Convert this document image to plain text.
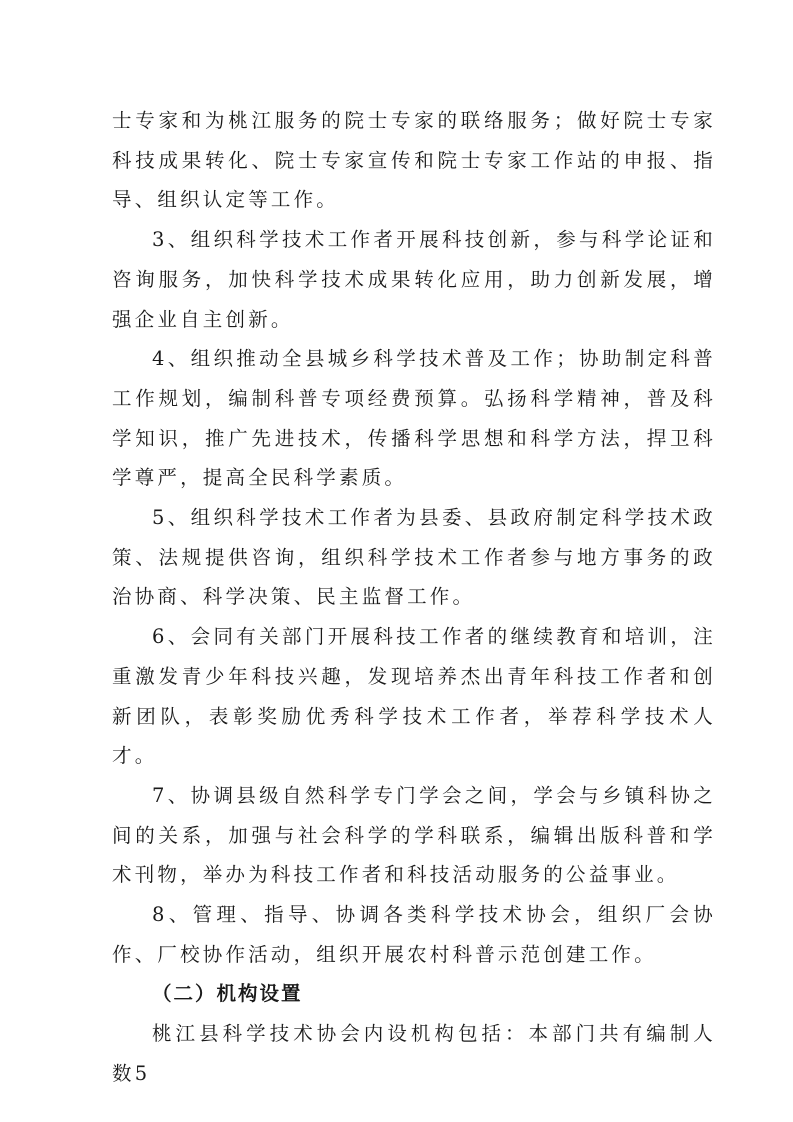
士专家和为桃江服务的院士专家的联络服务；做好院士专家科技成果转化、院士专家宣传和院士专家工作站的申报、指导、组织认定等工作。

3、组织科学技术工作者开展科技创新，参与科学论证和咨询服务，加快科学技术成果转化应用，助力创新发展，增强企业自主创新。

4、组织推动全县城乡科学技术普及工作；协助制定科普工作规划，编制科普专项经费预算。弘扬科学精神，普及科学知识，推广先进技术，传播科学思想和科学方法，捍卫科学尊严，提高全民科学素质。

5、组织科学技术工作者为县委、县政府制定科学技术政策、法规提供咨询，组织科学技术工作者参与地方事务的政治协商、科学决策、民主监督工作。

6、会同有关部门开展科技工作者的继续教育和培训，注重激发青少年科技兴趣，发现培养杰出青年科技工作者和创新团队，表彰奖励优秀科学技术工作者，举荐科学技术人才。

7、协调县级自然科学专门学会之间，学会与乡镇科协之间的关系，加强与社会科学的学科联系，编辑出版科普和学术刊物，举办为科技工作者和科技活动服务的公益事业。

8、管理、指导、协调各类科学技术协会，组织厂会协作、厂校协作活动，组织开展农村科普示范创建工作。

（二）机构设置

桃江县科学技术协会内设机构包括：本部门共有编制人数5
